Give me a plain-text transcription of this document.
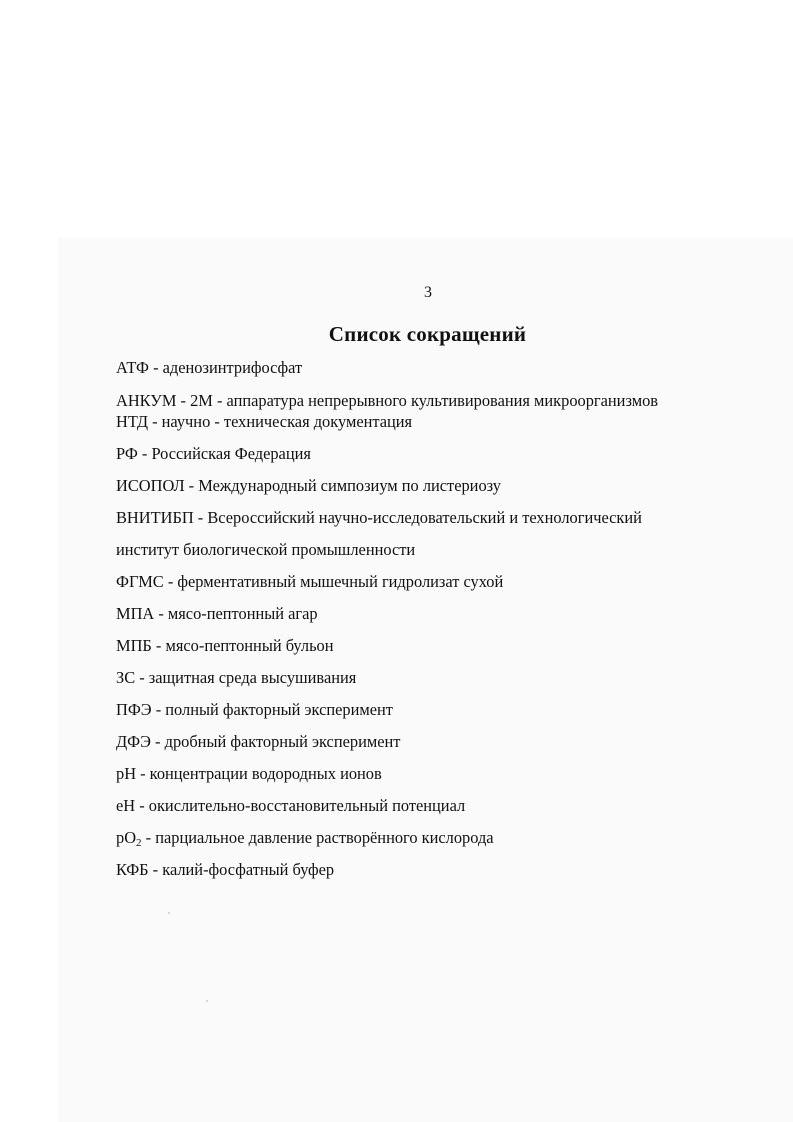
3
Список сокращений
АТФ - аденозинтрифосфат
АНКУМ - 2М - аппаратура непрерывного культивирования микроорганизмов
НТД - научно - техническая документация
РФ - Российская Федерация
ИСОПОЛ - Международный симпозиум по листериозу
ВНИТИБП - Всероссийский научно-исследовательский и технологический
институт биологической промышленности
ФГМС - ферментативный мышечный гидролизат сухой
МПА - мясо-пептонный агар
МПБ - мясо-пептонный бульон
ЗС - защитная среда высушивания
ПФЭ - полный факторный эксперимент
ДФЭ - дробный факторный эксперимент
рН - концентрации водородных ионов
еН - окислительно-восстановительный потенциал
$рО_2$ - парциальное давление растворённого кислорода
КФБ - калий-фосфатный буфер
